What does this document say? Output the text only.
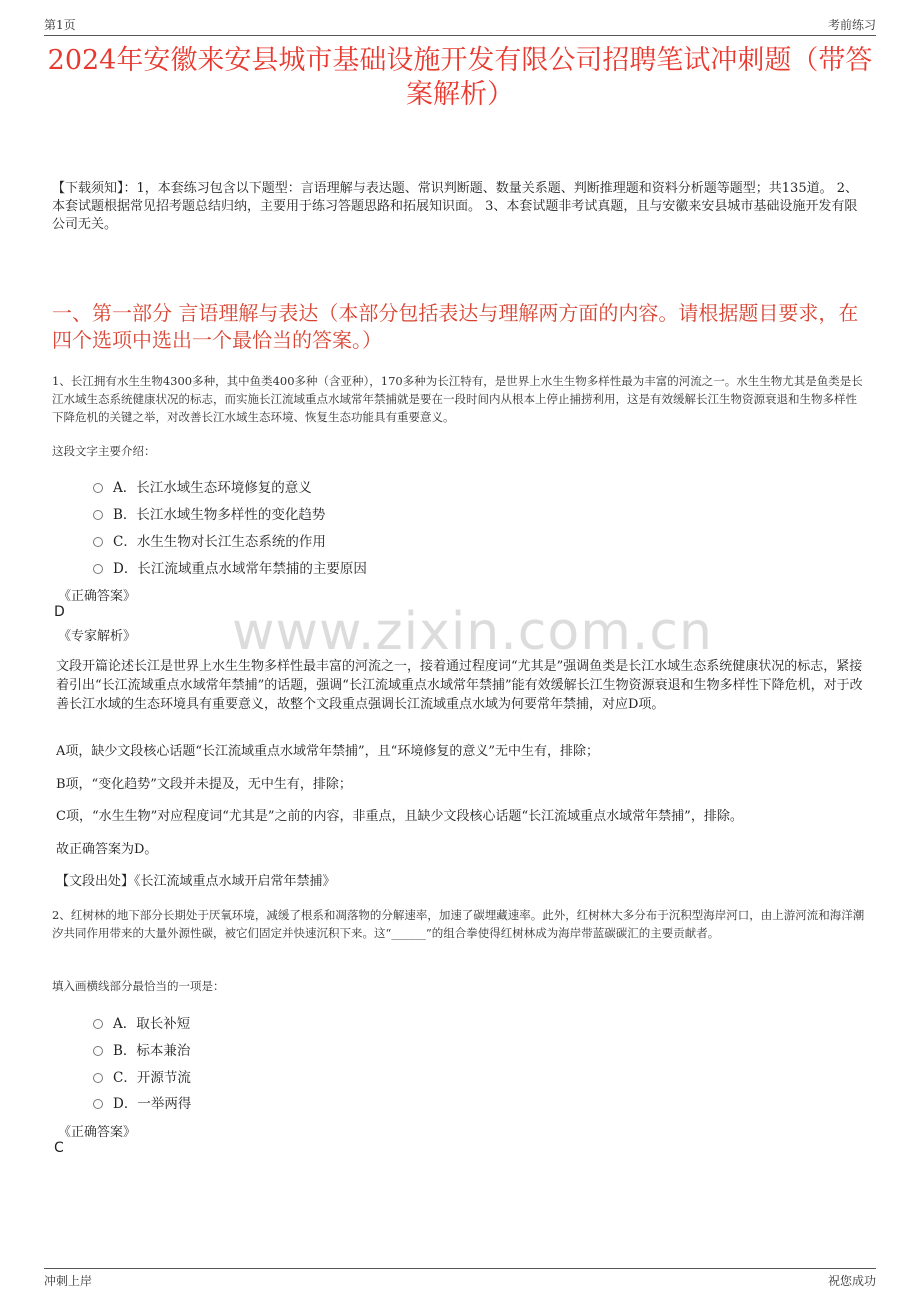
第1页	考前练习
2024年安徽来安县城市基础设施开发有限公司招聘笔试冲刺题（带答案解析）
【下载须知】：1，本套练习包含以下题型：言语理解与表达题、常识判断题、数量关系题、判断推理题和资料分析题等题型；共135道。 2、本套试题根据常见招考题总结归纳，主要用于练习答题思路和拓展知识面。 3、本套试题非考试真题，且与安徽来安县城市基础设施开发有限公司无关。
一、第一部分 言语理解与表达（本部分包括表达与理解两方面的内容。请根据题目要求，在四个选项中选出一个最恰当的答案。）
1、长江拥有水生生物4300多种，其中鱼类400多种（含亚种），170多种为长江特有，是世界上水生生物多样性最为丰富的河流之一。水生生物尤其是鱼类是长江水域生态系统健康状况的标志，而实施长江流域重点水域常年禁捕就是要在一段时间内从根本上停止捕捞利用，这是有效缓解长江生物资源衰退和生物多样性下降危机的关键之举，对改善长江水域生态环境、恢复生态功能具有重要意义。
这段文字主要介绍：
A．长江水域生态环境修复的意义
B．长江水域生物多样性的变化趋势
C．水生生物对长江生态系统的作用
D．长江流域重点水域常年禁捕的主要原因
《正确答案》
D
《专家解析》 www.zixin.com.cn
文段开篇论述长江是世界上水生生物多样性最丰富的河流之一，接着通过程度词“尤其是”强调鱼类是长江水域生态系统健康状况的标志，紧接着引出“长江流域重点水域常年禁捕”的话题，强调“长江流域重点水域常年禁捕”能有效缓解长江生物资源衰退和生物多样性下降危机，对于改善长江水域的生态环境具有重要意义，故整个文段重点强调长江流域重点水域为何要常年禁捕，对应D项。
A项，缺少文段核心话题“长江流域重点水域常年禁捕”，且“环境修复的意义”无中生有，排除；
B项，“变化趋势”文段并未提及，无中生有，排除；
C项，“水生生物”对应程度词“尤其是”之前的内容，非重点，且缺少文段核心话题“长江流域重点水域常年禁捕”，排除。
故正确答案为D。
【文段出处】《长江流域重点水域开启常年禁捕》
2、红树林的地下部分长期处于厌氧环境，减缓了根系和凋落物的分解速率，加速了碳埋藏速率。此外，红树林大多分布于沉积型海岸河口，由上游河流和海洋潮汐共同作用带来的大量外源性碳，被它们固定并快速沉积下来。这“______”的组合拳使得红树林成为海岸带蓝碳碳汇的主要贡献者。
填入画横线部分最恰当的一项是：
A．取长补短
B．标本兼治
C．开源节流
D．一举两得
《正确答案》
C
冲刺上岸	祝您成功
